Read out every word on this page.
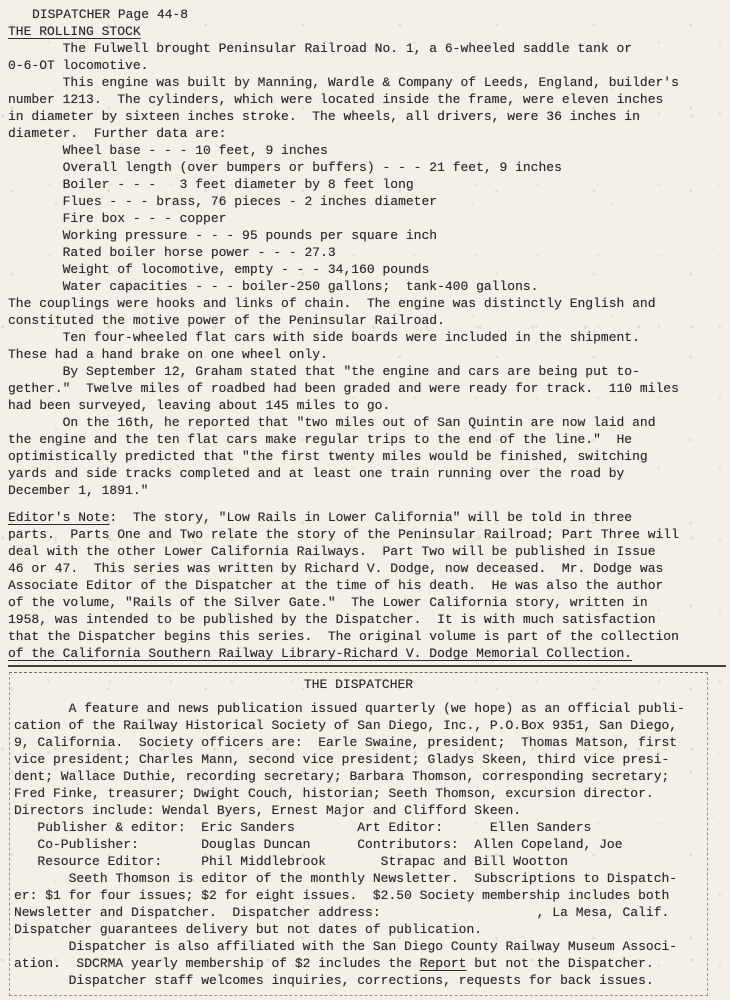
DISPATCHER Page 44-8
THE ROLLING STOCK
The Fulwell brought Peninsular Railroad No. 1, a 6-wheeled saddle tank or
0-6-OT locomotive.
This engine was built by Manning, Wardle & Company of Leeds, England, builder's
number 1213.  The cylinders, which were located inside the frame, were eleven inches
in diameter by sixteen inches stroke.  The wheels, all drivers, were 36 inches in
diameter.  Further data are:
Wheel base - - - 10 feet, 9 inches
Overall length (over bumpers or buffers) - - - 21 feet, 9 inches
Boiler - - -   3 feet diameter by 8 feet long
Flues - - - brass, 76 pieces - 2 inches diameter
Fire box - - - copper
Working pressure - - - 95 pounds per square inch
Rated boiler horse power - - - 27.3
Weight of locomotive, empty - - - 34,160 pounds
Water capacities - - - boiler-250 gallons;  tank-400 gallons.
The couplings were hooks and links of chain.  The engine was distinctly English and
constituted the motive power of the Peninsular Railroad.
Ten four-wheeled flat cars with side boards were included in the shipment.
These had a hand brake on one wheel only.
By September 12, Graham stated that "the engine and cars are being put to-
gether."  Twelve miles of roadbed had been graded and were ready for track.  110 miles
had been surveyed, leaving about 145 miles to go.
On the 16th, he reported that "two miles out of San Quintin are now laid and
the engine and the ten flat cars make regular trips to the end of the line."  He
optimistically predicted that "the first twenty miles would be finished, switching
yards and side tracks completed and at least one train running over the road by
December 1, 1891."
Editor's Note:  The story, "Low Rails in Lower California" will be told in three
parts.  Parts One and Two relate the story of the Peninsular Railroad; Part Three will
deal with the other Lower California Railways.  Part Two will be published in Issue
46 or 47.  This series was written by Richard V. Dodge, now deceased.  Mr. Dodge was
Associate Editor of the Dispatcher at the time of his death.  He was also the author
of the volume, "Rails of the Silver Gate."  The Lower California story, written in
1958, was intended to be published by the Dispatcher.  It is with much satisfaction
that the Dispatcher begins this series.  The original volume is part of the collection
of the California Southern Railway Library-Richard V. Dodge Memorial Collection.
THE DISPATCHER
A feature and news publication issued quarterly (we hope) as an official publi-
cation of the Railway Historical Society of San Diego, Inc., P.O.Box 9351, San Diego,
9, California.  Society officers are:  Earle Swaine, president;  Thomas Matson, first
vice president; Charles Mann, second vice president; Gladys Skeen, third vice presi-
dent; Wallace Duthie, recording secretary; Barbara Thomson, corresponding secretary;
Fred Finke, treasurer; Dwight Couch, historian; Seeth Thomson, excursion director.
Directors include: Wendal Byers, Ernest Major and Clifford Skeen.
Publisher & editor:  Eric Sanders        Art Editor:      Ellen Sanders
Co-Publisher:        Douglas Duncan      Contributors:  Allen Copeland, Joe
Resource Editor:     Phil Middlebrook       Strapac and Bill Wootton
Seeth Thomson is editor of the monthly Newsletter.  Subscriptions to Dispatch-
er: $1 for four issues; $2 for eight issues.  $2.50 Society membership includes both
Newsletter and Dispatcher.  Dispatcher address:                    , La Mesa, Calif.
Dispatcher guarantees delivery but not dates of publication.
Dispatcher is also affiliated with the San Diego County Railway Museum Associ-
ation.  SDCRMA yearly membership of $2 includes the Report but not the Dispatcher.
Dispatcher staff welcomes inquiries, corrections, requests for back issues.
